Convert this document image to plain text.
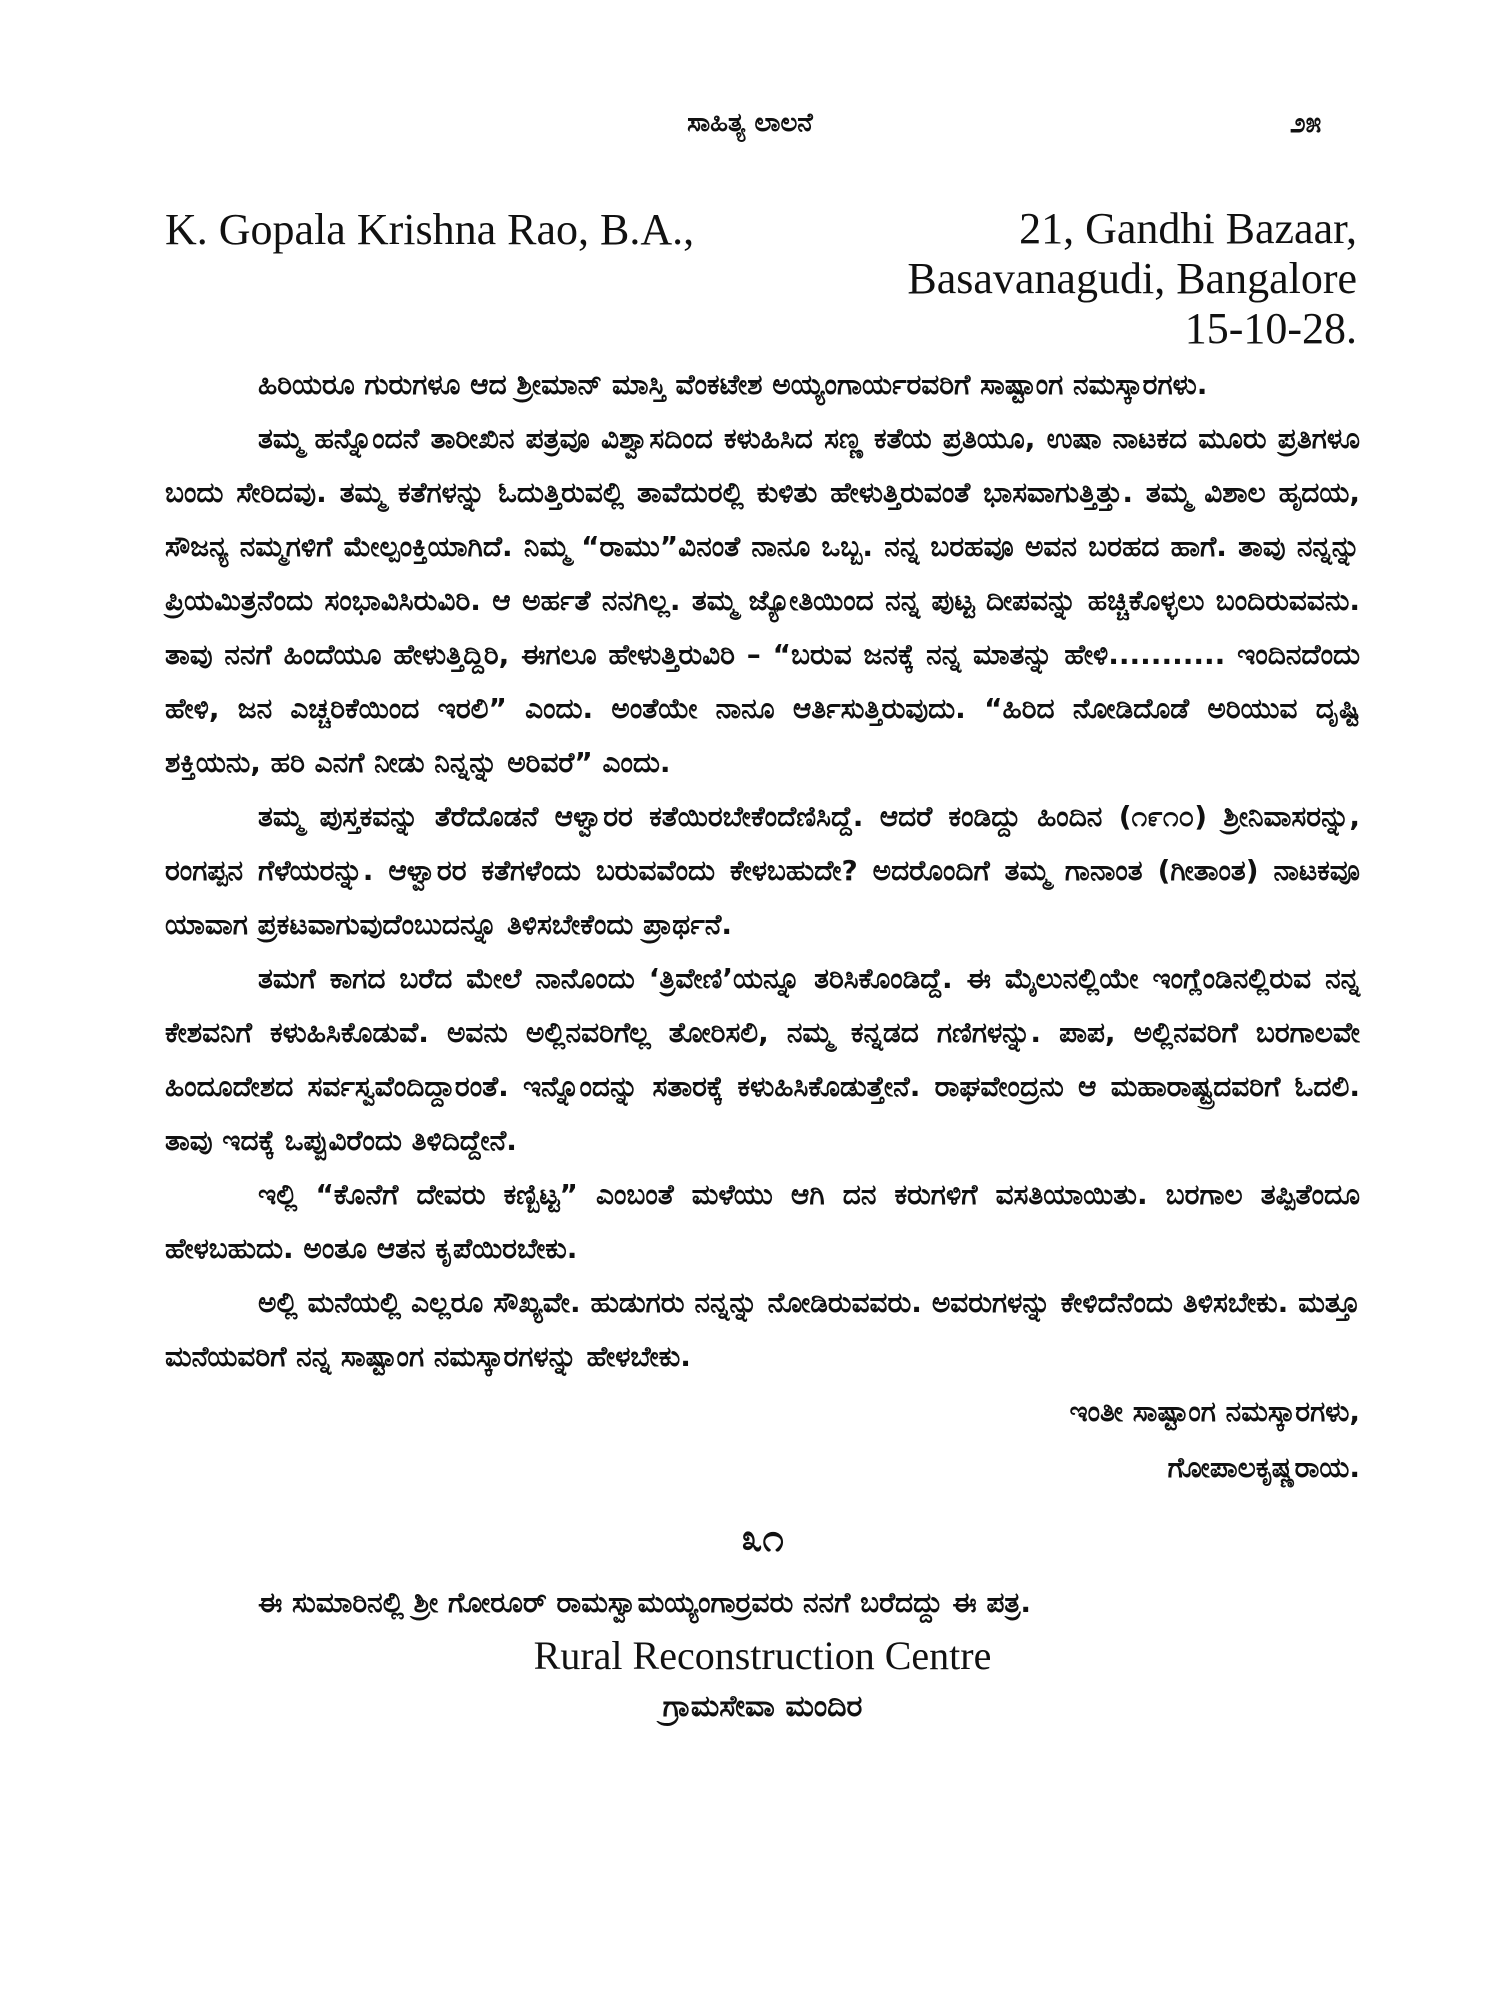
ಸಾಹಿತ್ಯ ಲಾಲನೆ	೨೫
K. Gopala Krishna Rao, B.A.,	21, Gandhi Bazaar,
Basavanagudi, Bangalore
15-10-28.

ಹಿರಿಯರೂ ಗುರುಗಳೂ ಆದ ಶ್ರೀಮಾನ್ ಮಾಸ್ತಿ ವೆಂಕಟೇಶ ಅಯ್ಯಂಗಾರ್ಯರವರಿಗೆ ಸಾಷ್ಟಾಂಗ ನಮಸ್ಕಾರಗಳು.

ತಮ್ಮ ಹನ್ನೊಂದನೆ ತಾರೀಖಿನ ಪತ್ರವೂ ವಿಶ್ವಾಸದಿಂದ ಕಳುಹಿಸಿದ ಸಣ್ಣ ಕತೆಯ ಪ್ರತಿಯೂ, ಉಷಾ ನಾಟಕದ ಮೂರು ಪ್ರತಿಗಳೂ ಬಂದು ಸೇರಿದವು. ತಮ್ಮ ಕತೆಗಳನ್ನು ಓದುತ್ತಿರುವಲ್ಲಿ ತಾವೆದುರಲ್ಲಿ ಕುಳಿತು ಹೇಳುತ್ತಿರುವಂತೆ ಭಾಸವಾಗುತ್ತಿತ್ತು. ತಮ್ಮ ವಿಶಾಲ ಹೃದಯ, ಸೌಜನ್ಯ ನಮ್ಮಗಳಿಗೆ ಮೇಲ್ಪಂಕ್ತಿಯಾಗಿದೆ. ನಿಮ್ಮ “ರಾಮು”ವಿನಂತೆ ನಾನೂ ಒಬ್ಬ. ನನ್ನ ಬರಹವೂ ಅವನ ಬರಹದ ಹಾಗೆ. ತಾವು ನನ್ನನ್ನು ಪ್ರಿಯಮಿತ್ರನೆಂದು ಸಂಭಾವಿಸಿರುವಿರಿ. ಆ ಅರ್ಹತೆ ನನಗಿಲ್ಲ. ತಮ್ಮ ಜ್ಯೋತಿಯಿಂದ ನನ್ನ ಪುಟ್ಟ ದೀಪವನ್ನು ಹಚ್ಚಿಕೊಳ್ಳಲು ಬಂದಿರುವವನು. ತಾವು ನನಗೆ ಹಿಂದೆಯೂ ಹೇಳುತ್ತಿದ್ದಿರಿ, ಈಗಲೂ ಹೇಳುತ್ತಿರುವಿರಿ – “ಬರುವ ಜನಕ್ಕೆ ನನ್ನ ಮಾತನ್ನು ಹೇಳಿ........... ಇಂದಿನದೆಂದು ಹೇಳಿ, ಜನ ಎಚ್ಚರಿಕೆಯಿಂದ ಇರಲಿ” ಎಂದು. ಅಂತೆಯೇ ನಾನೂ ಆರ್ತಿಸುತ್ತಿರುವುದು. “ಹಿರಿದ ನೋಡಿದೊಡೆ ಅರಿಯುವ ದೃಷ್ಟಿ ಶಕ್ತಿಯನು, ಹರಿ ಎನಗೆ ನೀಡು ನಿನ್ನನ್ನು ಅರಿವರೆ” ಎಂದು.

ತಮ್ಮ ಪುಸ್ತಕವನ್ನು ತೆರೆದೊಡನೆ ಆಳ್ವಾರರ ಕತೆಯಿರಬೇಕೆಂದೆಣಿಸಿದ್ದೆ. ಆದರೆ ಕಂಡಿದ್ದು ಹಿಂದಿನ (೧೯೧೦) ಶ್ರೀನಿವಾಸರನ್ನು, ರಂಗಪ್ಪನ ಗೆಳೆಯರನ್ನು. ಆಳ್ವಾರರ ಕತೆಗಳೆಂದು ಬರುವವೆಂದು ಕೇಳಬಹುದೇ? ಅದರೊಂದಿಗೆ ತಮ್ಮ ಗಾನಾಂತ (ಗೀತಾಂತ) ನಾಟಕವೂ ಯಾವಾಗ ಪ್ರಕಟವಾಗುವುದೆಂಬುದನ್ನೂ ತಿಳಿಸಬೇಕೆಂದು ಪ್ರಾರ್ಥನೆ.

ತಮಗೆ ಕಾಗದ ಬರೆದ ಮೇಲೆ ನಾನೊಂದು ‘ತ್ರಿವೇಣಿ’ಯನ್ನೂ ತರಿಸಿಕೊಂಡಿದ್ದೆ. ಈ ಮೈಲುನಲ್ಲಿಯೇ ಇಂಗ್ಲೆಂಡಿನಲ್ಲಿರುವ ನನ್ನ ಕೇಶವನಿಗೆ ಕಳುಹಿಸಿಕೊಡುವೆ. ಅವನು ಅಲ್ಲಿನವರಿಗೆಲ್ಲ ತೋರಿಸಲಿ, ನಮ್ಮ ಕನ್ನಡದ ಗಣಿಗಳನ್ನು. ಪಾಪ, ಅಲ್ಲಿನವರಿಗೆ ಬರಗಾಲವೇ ಹಿಂದೂದೇಶದ ಸರ್ವಸ್ವವೆಂದಿದ್ದಾರಂತೆ. ಇನ್ನೊಂದನ್ನು ಸತಾರಕ್ಕೆ ಕಳುಹಿಸಿಕೊಡುತ್ತೇನೆ. ರಾಘವೇಂದ್ರನು ಆ ಮಹಾರಾಷ್ಟ್ರದವರಿಗೆ ಓದಲಿ. ತಾವು ಇದಕ್ಕೆ ಒಪ್ಪುವಿರೆಂದು ತಿಳಿದಿದ್ದೇನೆ.

ಇಲ್ಲಿ “ಕೊನೆಗೆ ದೇವರು ಕಣ್ಬಿಟ್ಟ” ಎಂಬಂತೆ ಮಳೆಯು ಆಗಿ ದನ ಕರುಗಳಿಗೆ ವಸತಿಯಾಯಿತು. ಬರಗಾಲ ತಪ್ಪಿತೆಂದೂ ಹೇಳಬಹುದು. ಅಂತೂ ಆತನ ಕೃಪೆಯಿರಬೇಕು.

ಅಲ್ಲಿ ಮನೆಯಲ್ಲಿ ಎಲ್ಲರೂ ಸೌಖ್ಯವೇ. ಹುಡುಗರು ನನ್ನನ್ನು ನೋಡಿರುವವರು. ಅವರುಗಳನ್ನು ಕೇಳಿದೆನೆಂದು ತಿಳಿಸಬೇಕು. ಮತ್ತೂ ಮನೆಯವರಿಗೆ ನನ್ನ ಸಾಷ್ಟಾಂಗ ನಮಸ್ಕಾರಗಳನ್ನು ಹೇಳಬೇಕು.

ಇಂತೀ ಸಾಷ್ಟಾಂಗ ನಮಸ್ಕಾರಗಳು,
ಗೋಪಾಲಕೃಷ್ಣರಾಯ.
೩೧

ಈ ಸುಮಾರಿನಲ್ಲಿ ಶ್ರೀ ಗೋರೂರ್ ರಾಮಸ್ವಾಮಯ್ಯಂಗಾರ್ರವರು ನನಗೆ ಬರೆದದ್ದು ಈ ಪತ್ರ.

Rural Reconstruction Centre
ಗ್ರಾಮಸೇವಾ ಮಂದಿರ
